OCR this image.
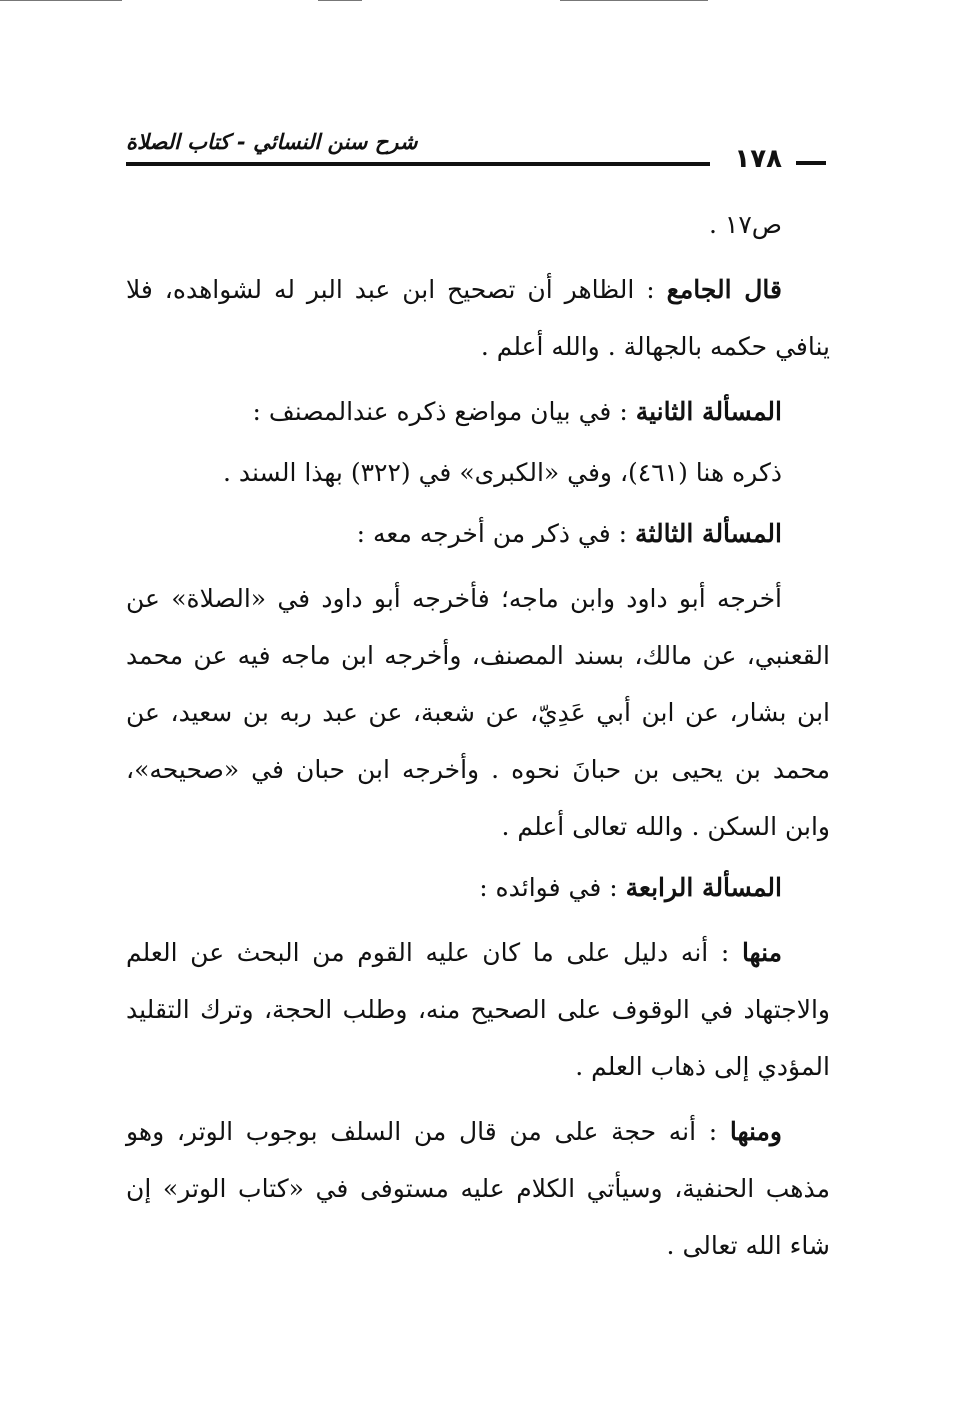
شرح سنن النسائي - كتاب الصلاة
١٧٨

ص١٧ .

قال الجامع : الظاهر أن تصحيح ابن عبد البر له لشواهده، فلا ينافي حكمه بالجهالة . والله أعلم .

المسألة الثانية : في بيان مواضع ذكره عندالمصنف :

ذكره هنا (٤٦١)، وفي «الكبرى» في (٣٢٢) بهذا السند .

المسألة الثالثة : في ذكر من أخرجه معه :

أخرجه أبو داود وابن ماجه؛ فأخرجه أبو داود في «الصلاة» عن القعنبي، عن مالك، بسند المصنف، وأخرجه ابن ماجه فيه عن محمد ابن بشار، عن ابن أبي عَدِيّ، عن شعبة، عن عبد ربه بن سعيد، عن محمد بن يحيى بن حبانَ نحوه . وأخرجه ابن حبان في «صحيحه»، وابن السكن . والله تعالى أعلم .

المسألة الرابعة : في فوائده :

منها : أنه دليل على ما كان عليه القوم من البحث عن العلم والاجتهاد في الوقوف على الصحيح منه، وطلب الحجة، وترك التقليد المؤدي إلى ذهاب العلم .

ومنها : أنه حجة على من قال من السلف بوجوب الوتر، وهو مذهب الحنفية، وسيأتي الكلام عليه مستوفى في «كتاب الوتر» إن شاء الله تعالى .
